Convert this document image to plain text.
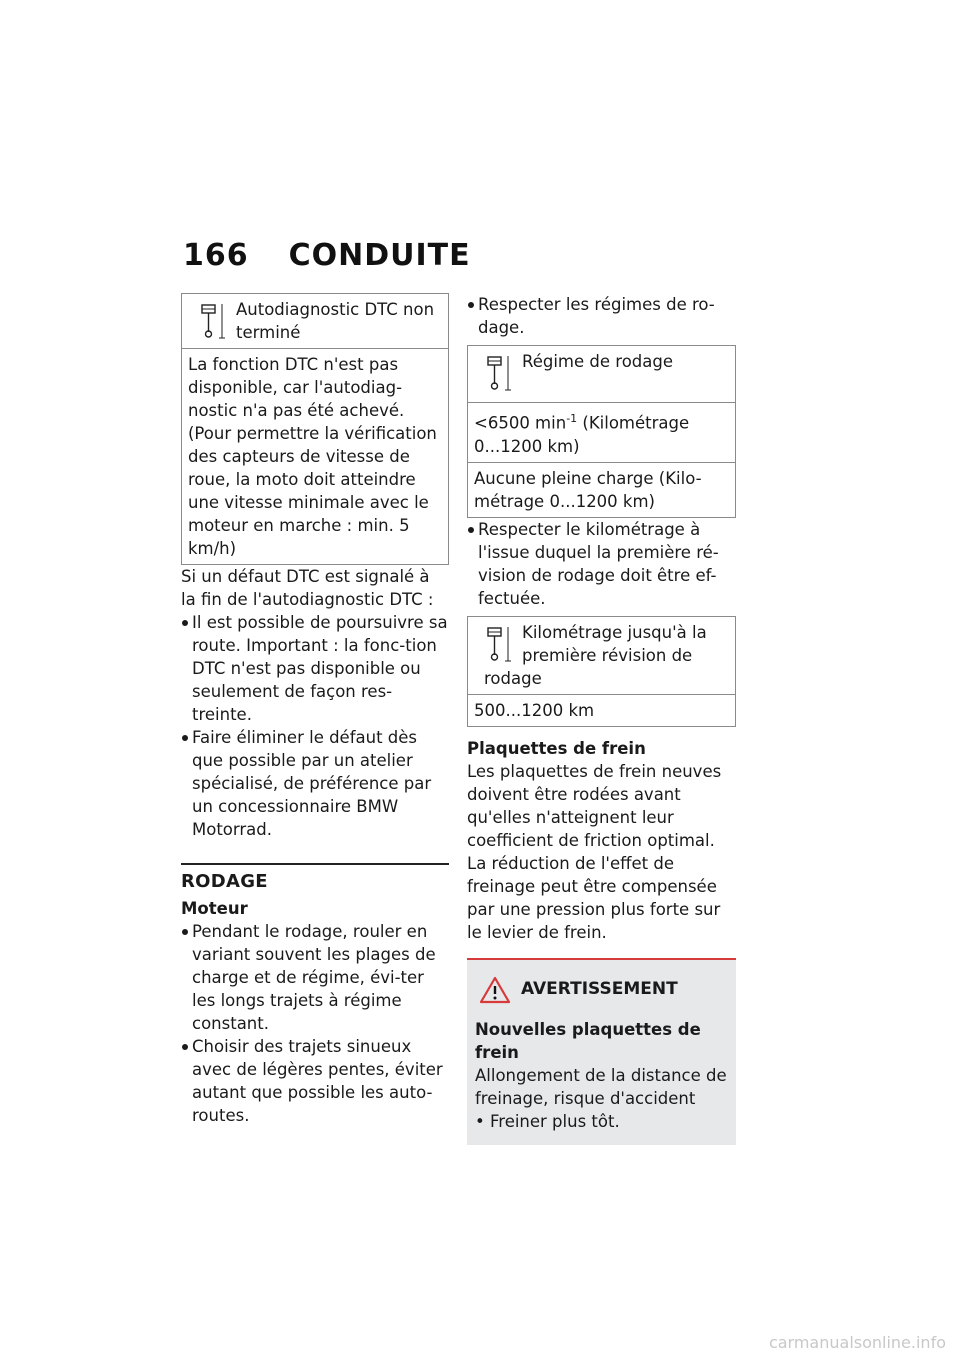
166 CONDUITE
Autodiagnostic DTC non terminé
La fonction DTC n'est pas disponible, car l'autodiag-nostic n'a pas été achevé. (Pour permettre la vérification des capteurs de vitesse de roue, la moto doit atteindre une vitesse minimale avec le moteur en marche : min. 5 km/h)

Si un défaut DTC est signalé à la fin de l'autodiagnostic DTC :

Il est possible de poursuivre sa route. Important : la fonc-tion DTC n'est pas disponible ou seulement de façon res-treinte.
Faire éliminer le défaut dès que possible par un atelier spécialisé, de préférence par un concessionnaire BMW Motorrad.
RODAGE
Moteur
Pendant le rodage, rouler en variant souvent les plages de charge et de régime, évi-ter les longs trajets à régime constant.
Choisir des trajets sinueux avec de légères pentes, éviter autant que possible les auto-routes.
Respecter les régimes de ro-dage.
Régime de rodage
<6500 $\min^{-1}$ (Kilométrage 0...1200 km)
Aucune pleine charge (Kilo-métrage 0...1200 km)
Respecter le kilométrage à l'issue duquel la première ré-vision de rodage doit être ef-fectuée.
Kilométrage jusqu'à la première révision de rodage
500...1200 km
Plaquettes de frein

Les plaquettes de frein neuves doivent être rodées avant qu'elles n'atteignent leur coefficient de friction optimal. La réduction de l'effet de freinage peut être compensée par une pression plus forte sur le levier de frein.

AVERTISSEMENT
Nouvelles plaquettes de frein

Allongement de la distance de freinage, risque d'accident

• Freiner plus tôt.

carmanualsonline.info
